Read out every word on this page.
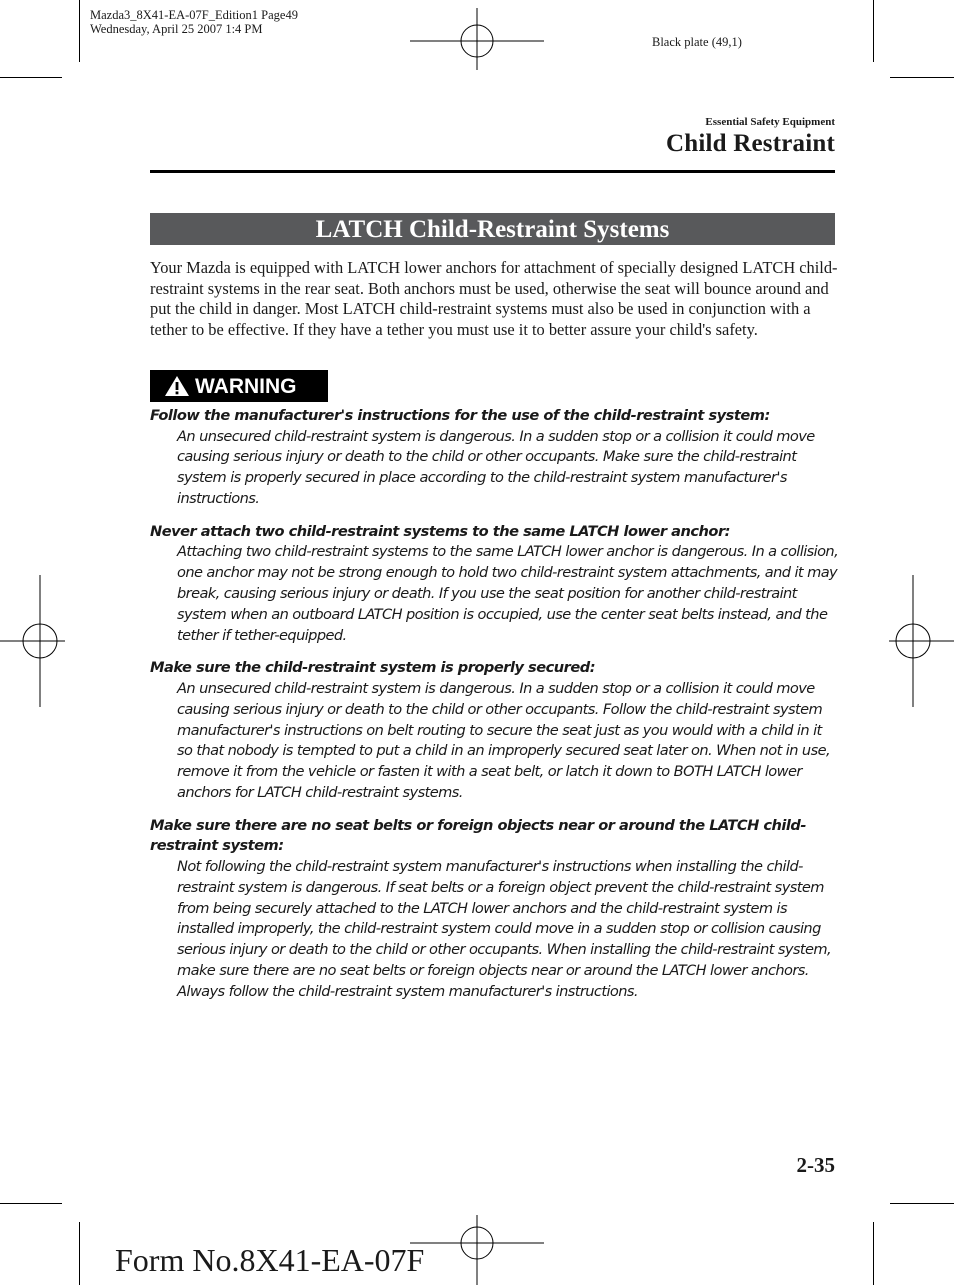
Mazda3_8X41-EA-07F_Edition1 Page49
Wednesday, April 25 2007 1:4 PM
Black plate (49,1)
Essential Safety Equipment
Child Restraint
LATCH Child-Restraint Systems
Your Mazda is equipped with LATCH lower anchors for attachment of specially designed LATCH child-restraint systems in the rear seat. Both anchors must be used, otherwise the seat will bounce around and put the child in danger. Most LATCH child-restraint systems must also be used in conjunction with a tether to be effective. If they have a tether you must use it to better assure your child's safety.
WARNING
Follow the manufacturer's instructions for the use of the child-restraint system:
An unsecured child-restraint system is dangerous. In a sudden stop or a collision it could move causing serious injury or death to the child or other occupants. Make sure the child-restraint system is properly secured in place according to the child-restraint system manufacturer's instructions.
Never attach two child-restraint systems to the same LATCH lower anchor:
Attaching two child-restraint systems to the same LATCH lower anchor is dangerous. In a collision, one anchor may not be strong enough to hold two child-restraint system attachments, and it may break, causing serious injury or death. If you use the seat position for another child-restraint system when an outboard LATCH position is occupied, use the center seat belts instead, and the tether if tether-equipped.
Make sure the child-restraint system is properly secured:
An unsecured child-restraint system is dangerous. In a sudden stop or a collision it could move causing serious injury or death to the child or other occupants. Follow the child-restraint system manufacturer's instructions on belt routing to secure the seat just as you would with a child in it so that nobody is tempted to put a child in an improperly secured seat later on. When not in use, remove it from the vehicle or fasten it with a seat belt, or latch it down to BOTH LATCH lower anchors for LATCH child-restraint systems.
Make sure there are no seat belts or foreign objects near or around the LATCH child-restraint system:
Not following the child-restraint system manufacturer's instructions when installing the child-restraint system is dangerous. If seat belts or a foreign object prevent the child-restraint system from being securely attached to the LATCH lower anchors and the child-restraint system is installed improperly, the child-restraint system could move in a sudden stop or collision causing serious injury or death to the child or other occupants. When installing the child-restraint system, make sure there are no seat belts or foreign objects near or around the LATCH lower anchors. Always follow the child-restraint system manufacturer's instructions.
2-35
Form No.8X41-EA-07F
